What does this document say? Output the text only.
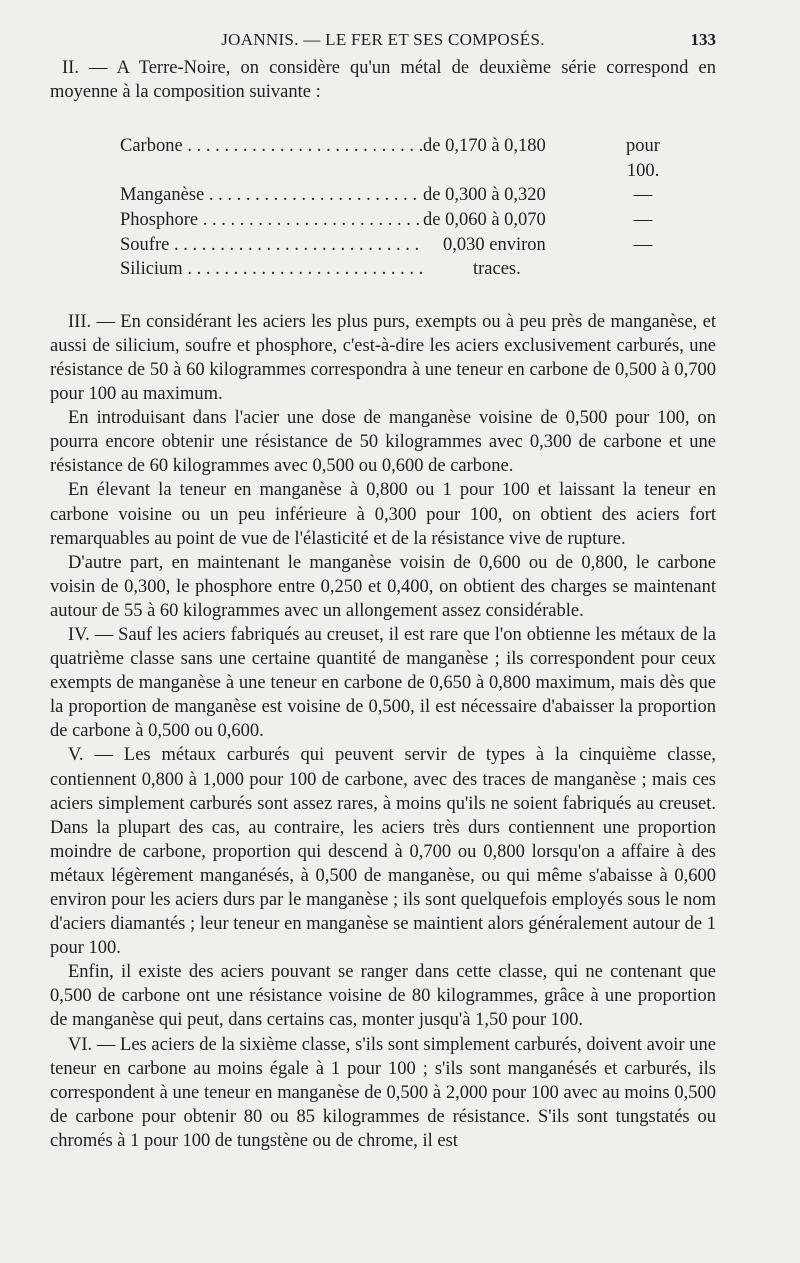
JOANNIS. — LE FER ET SES COMPOSÉS.	133

II. — A Terre-Noire, on considère qu'un métal de deuxième série correspond en moyenne à la composition suivante :

Carbone . . .	de 0,170 à 0,180	pour 100.
Manganèse . . .	de 0,300 à 0,320	—
Phosphore . . .	de 0,060 à 0,070	—
Soufre . . .	0,030 environ	—
Silicium . . .	traces.

III. — En considérant les aciers les plus purs, exempts ou à peu près de manganèse, et aussi de silicium, soufre et phosphore, c'est-à-dire les aciers exclusivement carburés, une résistance de 50 à 60 kilogrammes correspondra à une teneur en carbone de 0,500 à 0,700 pour 100 au maximum.

En introduisant dans l'acier une dose de manganèse voisine de 0,500 pour 100, on pourra encore obtenir une résistance de 50 kilogrammes avec 0,300 de carbone et une résistance de 60 kilogrammes avec 0,500 ou 0,600 de carbone.

En élevant la teneur en manganèse à 0,800 ou 1 pour 100 et laissant la teneur en carbone voisine ou un peu inférieure à 0,300 pour 100, on obtient des aciers fort remarquables au point de vue de l'élasticité et de la résistance vive de rupture.

D'autre part, en maintenant le manganèse voisin de 0,600 ou de 0,800, le carbone voisin de 0,300, le phosphore entre 0,250 et 0,400, on obtient des charges se maintenant autour de 55 à 60 kilogrammes avec un allongement assez considérable.

IV. — Sauf les aciers fabriqués au creuset, il est rare que l'on obtienne les métaux de la quatrième classe sans une certaine quantité de manganèse ; ils correspondent pour ceux exempts de manganèse à une teneur en carbone de 0,650 à 0,800 maximum, mais dès que la proportion de manganèse est voisine de 0,500, il est nécessaire d'abaisser la proportion de carbone à 0,500 ou 0,600.

V. — Les métaux carburés qui peuvent servir de types à la cinquième classe, contiennent 0,800 à 1,000 pour 100 de carbone, avec des traces de manganèse ; mais ces aciers simplement carburés sont assez rares, à moins qu'ils ne soient fabriqués au creuset. Dans la plupart des cas, au contraire, les aciers très durs contiennent une proportion moindre de carbone, proportion qui descend à 0,700 ou 0,800 lorsqu'on a affaire à des métaux légèrement manganésés, à 0,500 de manganèse, ou qui même s'abaisse à 0,600 environ pour les aciers durs par le manganèse ; ils sont quelquefois employés sous le nom d'aciers diamantés ; leur teneur en manganèse se maintient alors généralement autour de 1 pour 100.

Enfin, il existe des aciers pouvant se ranger dans cette classe, qui ne contenant que 0,500 de carbone ont une résistance voisine de 80 kilogrammes, grâce à une proportion de manganèse qui peut, dans certains cas, monter jusqu'à 1,50 pour 100.

VI. — Les aciers de la sixième classe, s'ils sont simplement carburés, doivent avoir une teneur en carbone au moins égale à 1 pour 100 ; s'ils sont manganésés et carburés, ils correspondent à une teneur en manganèse de 0,500 à 2,000 pour 100 avec au moins 0,500 de carbone pour obtenir 80 ou 85 kilogrammes de résistance. S'ils sont tungstatés ou chromés à 1 pour 100 de tungstène ou de chrome, il est
